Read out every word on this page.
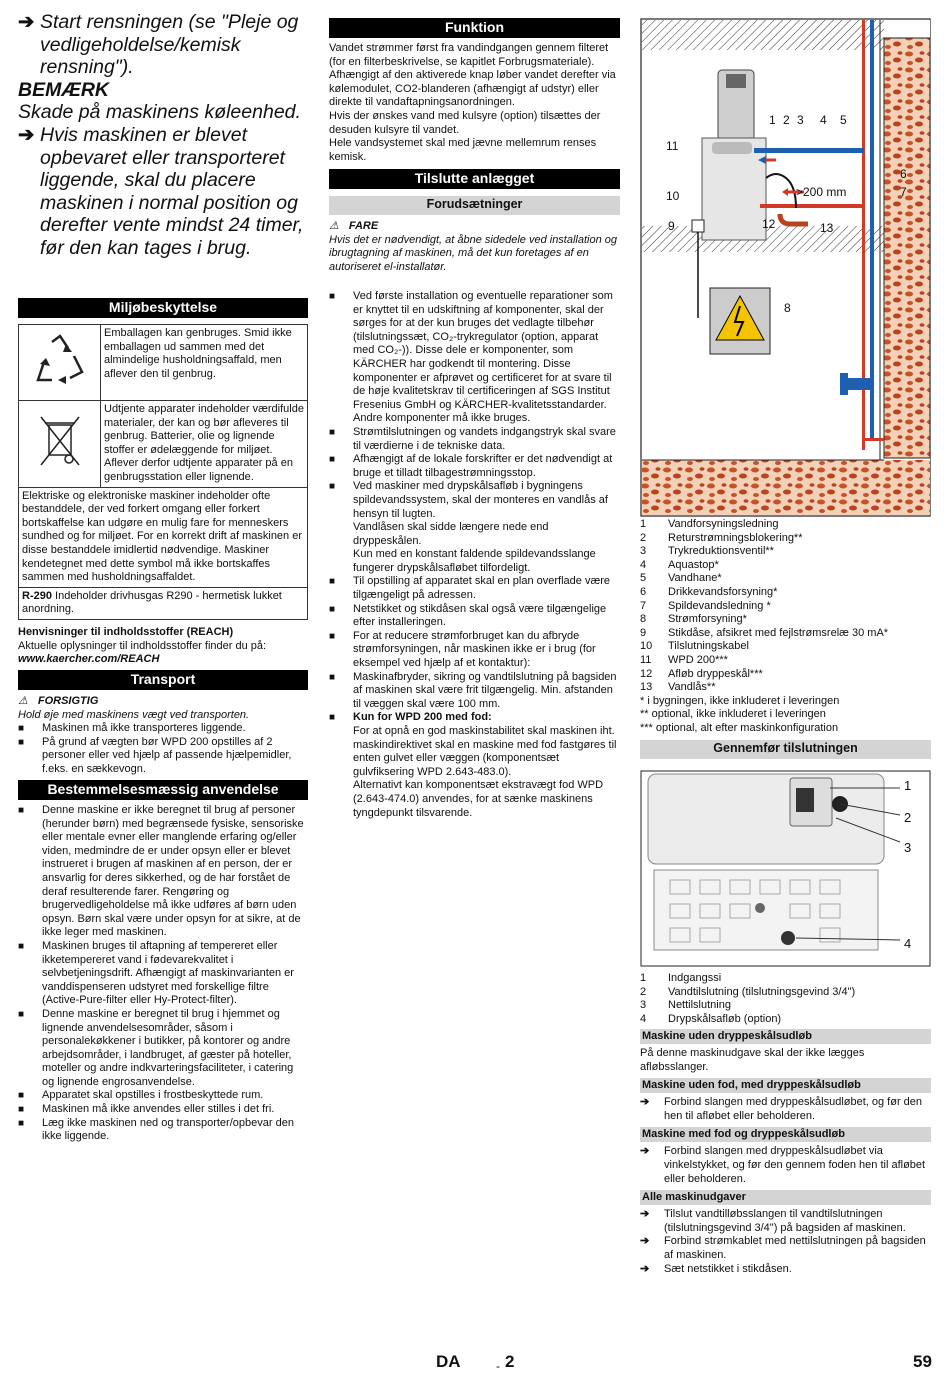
➔ Start rensningen (se "Pleje og vedligeholdelse/kemisk rensning").
BEMÆRK
Skade på maskinens køleenhed.
➔ Hvis maskinen er blevet opbevaret eller transporteret liggende, skal du placere maskinen i normal position og derefter vente mindst 24 timer, før den kan tages i brug.
Miljøbeskyttelse
	Emballagen kan genbruges. Smid ikke emballagen ud sammen med det almindelige husholdningsaffald, men aflever den til genbrug.
	Udtjente apparater indeholder værdifulde materialer, der kan og bør afleveres til genbrug. Batterier, olie og lignende stoffer er ødelæggende for miljøet. Aflever derfor udtjente apparater på en genbrugsstation eller lignende.
Elektriske og elektroniske maskiner indeholder ofte bestanddele, der ved forkert omgang eller forkert bortskaffelse kan udgøre en mulig fare for menneskers sundhed og for miljøet. For en korrekt drift af maskinen er disse bestanddele imidlertid nødvendige. Maskiner kendetegnet med dette symbol må ikke bortskaffes sammen med husholdningsaffaldet.	
R-290 Indeholder drivhusgas R290 - hermetisk lukket anordning.	
Henvisninger til indholdsstoffer (REACH)
Aktuelle oplysninger til indholdsstoffer finder du på:
www.kaercher.com/REACH
Transport
⚠ FORSIGTIG
Hold øje med maskinens vægt ved transporten.
■	Maskinen må ikke transporteres liggende.
■	På grund af vægten bør WPD 200 opstilles af 2 personer eller ved hjælp af passende hjælpemidler, f.eks. en sækkevogn.
Bestemmelsesmæssig anvendelse
■	Denne maskine er ikke beregnet til brug af personer (herunder børn) med begrænsede fysiske, sensoriske eller mentale evner eller manglende erfaring og/eller viden, medmindre de er under opsyn eller er blevet instrueret i brugen af maskinen af en person, der er ansvarlig for deres sikkerhed, og de har forstået de deraf resulterende farer. Rengøring og brugervedligeholdelse må ikke udføres af børn uden opsyn. Børn skal være under opsyn for at sikre, at de ikke leger med maskinen.
■	Maskinen bruges til aftapning af tempereret eller ikketempereret vand i fødevarekvalitet i selvbetjeningsdrift. Afhængigt af maskinvarianten er vanddispenseren udstyret med forskellige filtre (Active-Pure-filter eller Hy-Protect-filter).
■	Denne maskine er beregnet til brug i hjemmet og lignende anvendelsesområder, såsom i personalekøkkener i butikker, på kontorer og andre arbejdsområder, i landbruget, af gæster på hoteller, moteller og andre indkvarteringsfaciliteter, i catering og lignende engrosanvendelse.
■	Apparatet skal opstilles i frostbeskyttede rum.
■	Maskinen må ikke anvendes eller stilles i det fri.
■	Læg ikke maskinen ned og transporter/opbevar den ikke liggende.
Funktion

Vandet strømmer først fra vandindgangen gennem filteret (for en filterbeskrivelse, se kapitlet Forbrugsmateriale). Afhængigt af den aktiverede knap løber vandet derefter via kølemodulet, CO2-blanderen (afhængigt af udstyr) eller direkte til vandaftapningsanordningen.

Hvis der ønskes vand med kulsyre (option) tilsættes der desuden kulsyre til vandet.

Hele vandsystemet skal med jævne mellemrum renses kemisk.

Tilslutte anlægget
Forudsætninger
⚠ FARE
Hvis det er nødvendigt, at åbne sidedele ved installation og ibrugtagning af maskinen, må det kun foretages af en autoriseret el-installatør.
■	Ved første installation og eventuelle reparationer som er knyttet til en udskiftning af komponenter, skal der sørges for at der kun bruges det vedlagte tilbehør (tilslutningssæt, CO₂-trykregulator (option, apparat med CO₂-)). Disse dele er komponenter, som KÄRCHER har godkendt til montering. Disse komponenter er afprøvet og certificeret for at svare til de høje kvalitetskrav til certificeringen af SGS Institut Fresenius GmbH og KÄRCHER-kvalitetsstandarder. Andre komponenter må ikke bruges.
■	Strømtilslutningen og vandets indgangstryk skal svare til værdierne i de tekniske data.
■	Afhængigt af de lokale forskrifter er det nødvendigt at bruge et tilladt tilbagestrømningsstop.
■	Ved maskiner med drypskålsafløb i bygningens spildevandssystem, skal der monteres en vandlås af hensyn til lugten.
Vandlåsen skal sidde længere nede end dryppeskålen.
Kun med en konstant faldende spildevandsslange fungerer drypskålsafløbet tilfordeligt.
■	Til opstilling af apparatet skal en plan overflade være tilgængeligt på adressen.
■	Netstikket og stikdåsen skal også være tilgængelige efter installeringen.
■	For at reducere strømforbruget kan du afbryde strømforsyningen, når maskinen ikke er i brug (for eksempel ved hjælp af et kontaktur):
■	Maskinafbryder, sikring og vandtilslutning på bagsiden af maskinen skal være frit tilgængelig. Min. afstanden til væggen skal være 100 mm.
■	Kun for WPD 200 med fod:
For at opnå en god maskinstabilitet skal maskinen iht. maskindirektivet skal en maskine med fod fastgøres til enten gulvet eller væggen (komponentsæt gulvfiksering WPD 2.643-483.0).
Alternativt kan komponentsæt ekstravægt fod WPD (2.643-474.0) anvendes, for at sænke maskinens tyngdepunkt tilsvarende.
1 2 3 4 5
6
7
8
9
10
11
12	13
>200 mm
1	Vandforsyningsledning
2	Returstrømningsblokering**
3	Trykreduktionsventil**
4	Aquastop*
5	Vandhane*
6	Drikkevandsforsyning*
7	Spildevandsledning *
8	Strømforsyning*
9	Stikdåse, afsikret med fejlstrømsrelæ 30 mA*
10	Tilslutningskabel
11	WPD 200***
12	Afløb dryppeskål***
13	Vandlås**
* i bygningen, ikke inkluderet i leveringen
** optional, ikke inkluderet i leveringen
*** optional, alt efter maskinkonfiguration
Gennemfør tilslutningen
1
2
3
4
1	Indgangssi
2	Vandtilslutning (tilslutningsgevind 3/4")
3	Nettilslutning
4	Drypskålsafløb (option)
Maskine uden dryppeskålsudløb

På denne maskinudgave skal der ikke lægges afløbsslanger.

Maskine uden fod, med dryppeskålsudløb
➔	Forbind slangen med dryppeskålsudløbet, og før den hen til afløbet eller beholderen.
Maskine med fod og dryppeskålsudløb
➔	Forbind slangen med dryppeskålsudløbet via vinkelstykket, og før den gennem foden hen til afløbet eller beholderen.
Alle maskinudgaver
➔	Tilslut vandtilløbsslangen til vandtilslutningen (tilslutningsgevind 3/4") på bagsiden af maskinen.
➔	Forbind strømkablet med nettilslutningen på bagsiden af maskinen.
➔	Sæt netstikket i stikdåsen.
DA	- 2	59
